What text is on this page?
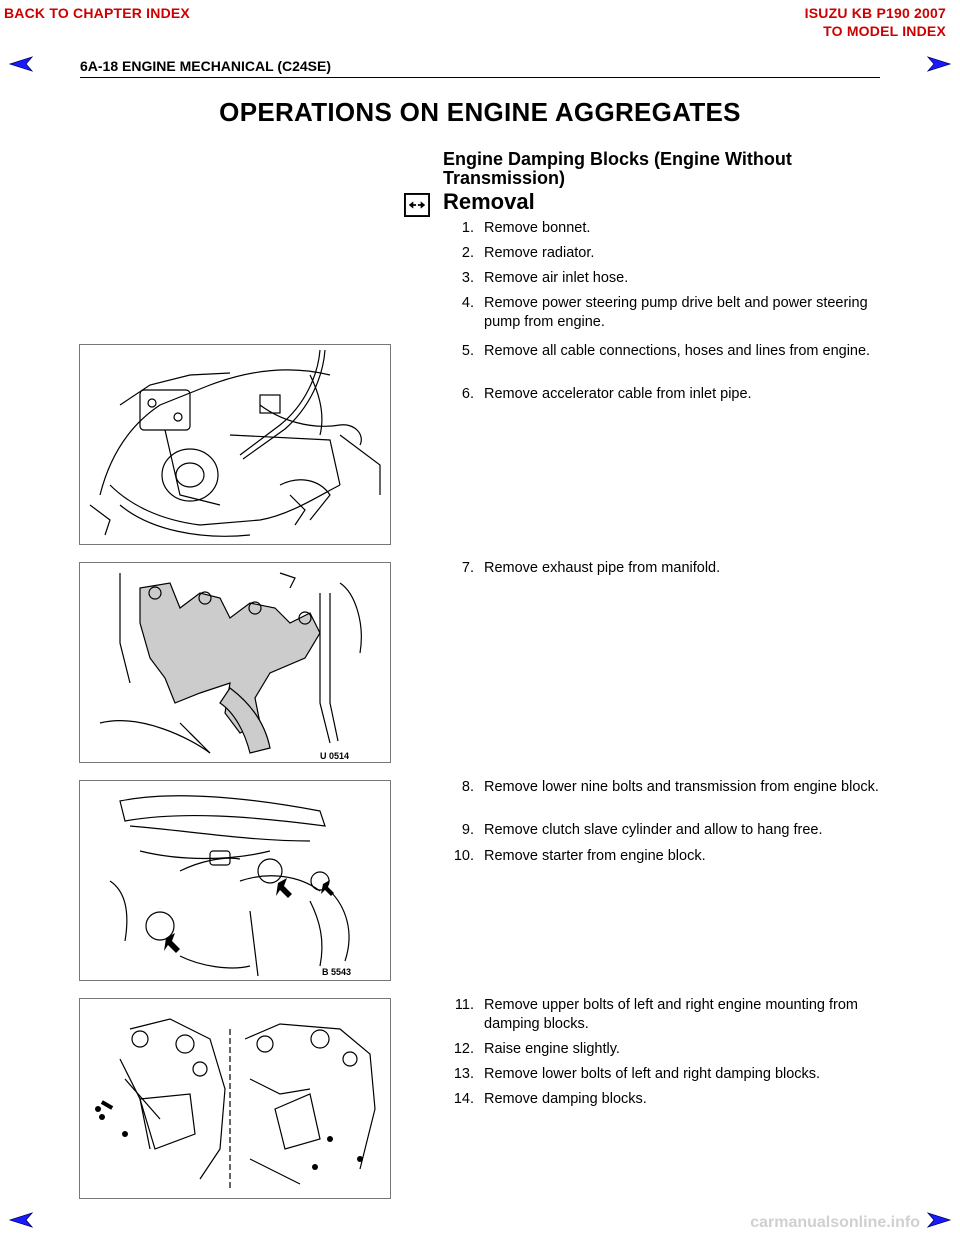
BACK TO CHAPTER INDEX	ISUZU KB P190 2007
TO MODEL INDEX
6A-18 ENGINE MECHANICAL (C24SE)
OPERATIONS ON ENGINE AGGREGATES
Engine Damping Blocks (Engine Without Transmission)
Removal
1. Remove bonnet.
2. Remove radiator.
3. Remove air inlet hose.
4. Remove power steering pump drive belt and power steering pump from engine.
5. Remove all cable connections, hoses and lines from engine.
6. Remove accelerator cable from inlet pipe.
7. Remove exhaust pipe from manifold.
8. Remove lower nine bolts and transmission from engine block.
9. Remove clutch slave cylinder and allow to hang free.
10. Remove starter from engine block.
11. Remove upper bolts of left and right engine mounting from damping blocks.
12. Raise engine slightly.
13. Remove lower bolts of left and right damping blocks.
14. Remove damping blocks.
U 0514
B 5543
carmanualsonline.info
